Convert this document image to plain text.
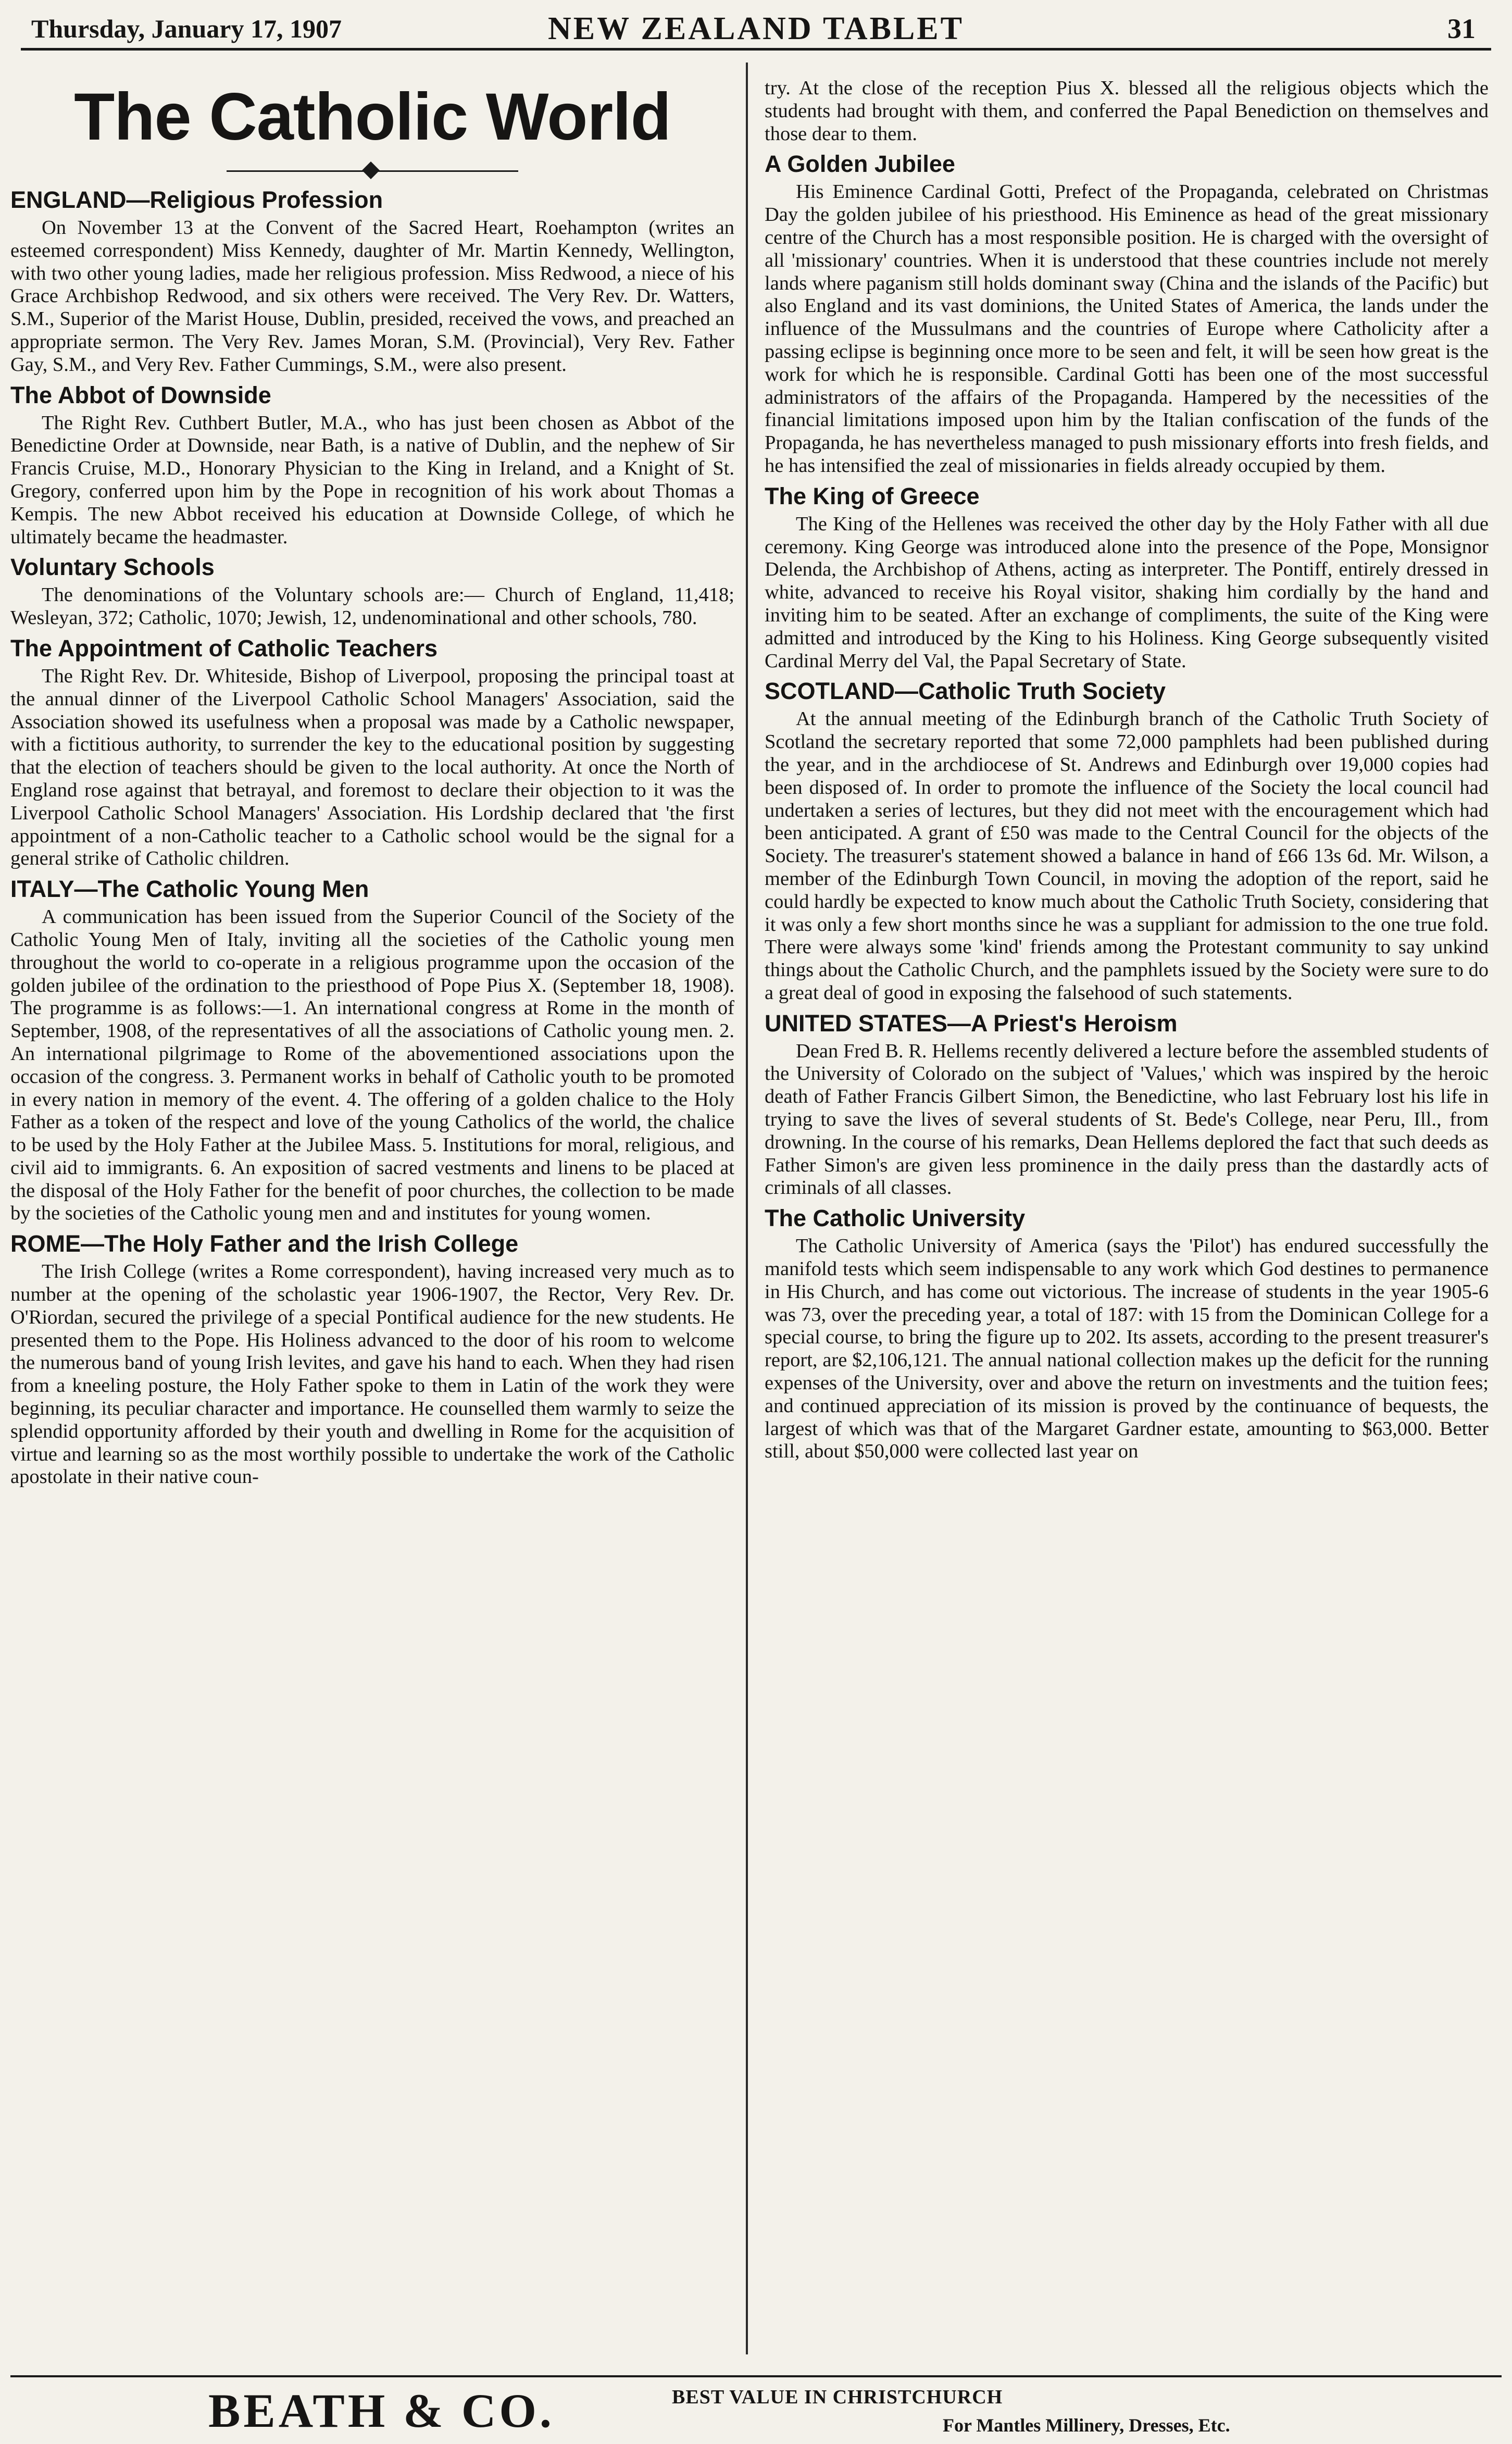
Thursday, January 17, 1907	NEW ZEALAND TABLET	31
The Catholic World
ENGLAND—Religious Profession

On November 13 at the Convent of the Sacred Heart, Roehampton (writes an esteemed correspondent) Miss Kennedy, daughter of Mr. Martin Kennedy, Wellington, with two other young ladies, made her religious profession. Miss Redwood, a niece of his Grace Archbishop Redwood, and six others were received. The Very Rev. Dr. Watters, S.M., Superior of the Marist House, Dublin, presided, received the vows, and preached an appropriate sermon. The Very Rev. James Moran, S.M. (Provincial), Very Rev. Father Gay, S.M., and Very Rev. Father Cummings, S.M., were also present.

The Abbot of Downside

The Right Rev. Cuthbert Butler, M.A., who has just been chosen as Abbot of the Benedictine Order at Downside, near Bath, is a native of Dublin, and the nephew of Sir Francis Cruise, M.D., Honorary Physician to the King in Ireland, and a Knight of St. Gregory, conferred upon him by the Pope in recognition of his work about Thomas a Kempis. The new Abbot received his education at Downside College, of which he ultimately became the headmaster.

Voluntary Schools

The denominations of the Voluntary schools are:— Church of England, 11,418; Wesleyan, 372; Catholic, 1070; Jewish, 12, undenominational and other schools, 780.

The Appointment of Catholic Teachers

The Right Rev. Dr. Whiteside, Bishop of Liverpool, proposing the principal toast at the annual dinner of the Liverpool Catholic School Managers' Association, said the Association showed its usefulness when a proposal was made by a Catholic newspaper, with a fictitious authority, to surrender the key to the educational position by suggesting that the election of teachers should be given to the local authority. At once the North of England rose against that betrayal, and foremost to declare their objection to it was the Liverpool Catholic School Managers' Association. His Lordship declared that 'the first appointment of a non-Catholic teacher to a Catholic school would be the signal for a general strike of Catholic children.

ITALY—The Catholic Young Men

A communication has been issued from the Superior Council of the Society of the Catholic Young Men of Italy, inviting all the societies of the Catholic young men throughout the world to co-operate in a religious programme upon the occasion of the golden jubilee of the ordination to the priesthood of Pope Pius X. (September 18, 1908). The programme is as follows:—1. An international congress at Rome in the month of September, 1908, of the representatives of all the associations of Catholic young men. 2. An international pilgrimage to Rome of the abovementioned associations upon the occasion of the congress. 3. Permanent works in behalf of Catholic youth to be promoted in every nation in memory of the event. 4. The offering of a golden chalice to the Holy Father as a token of the respect and love of the young Catholics of the world, the chalice to be used by the Holy Father at the Jubilee Mass. 5. Institutions for moral, religious, and civil aid to immigrants. 6. An exposition of sacred vestments and linens to be placed at the disposal of the Holy Father for the benefit of poor churches, the collection to be made by the societies of the Catholic young men and and institutes for young women.

ROME—The Holy Father and the Irish College

The Irish College (writes a Rome correspondent), having increased very much as to number at the opening of the scholastic year 1906-1907, the Rector, Very Rev. Dr. O'Riordan, secured the privilege of a special Pontifical audience for the new students. He presented them to the Pope. His Holiness advanced to the door of his room to welcome the numerous band of young Irish levites, and gave his hand to each. When they had risen from a kneeling posture, the Holy Father spoke to them in Latin of the work they were beginning, its peculiar character and importance. He counselled them warmly to seize the splendid opportunity afforded by their youth and dwelling in Rome for the acquisition of virtue and learning so as the most worthily possible to undertake the work of the Catholic apostolate in their native coun-

try. At the close of the reception Pius X. blessed all the religious objects which the students had brought with them, and conferred the Papal Benediction on themselves and those dear to them.

A Golden Jubilee

His Eminence Cardinal Gotti, Prefect of the Propaganda, celebrated on Christmas Day the golden jubilee of his priesthood. His Eminence as head of the great missionary centre of the Church has a most responsible position. He is charged with the oversight of all 'missionary' countries. When it is understood that these countries include not merely lands where paganism still holds dominant sway (China and the islands of the Pacific) but also England and its vast dominions, the United States of America, the lands under the influence of the Mussulmans and the countries of Europe where Catholicity after a passing eclipse is beginning once more to be seen and felt, it will be seen how great is the work for which he is responsible. Cardinal Gotti has been one of the most successful administrators of the affairs of the Propaganda. Hampered by the necessities of the financial limitations imposed upon him by the Italian confiscation of the funds of the Propaganda, he has nevertheless managed to push missionary efforts into fresh fields, and he has intensified the zeal of missionaries in fields already occupied by them.

The King of Greece

The King of the Hellenes was received the other day by the Holy Father with all due ceremony. King George was introduced alone into the presence of the Pope, Monsignor Delenda, the Archbishop of Athens, acting as interpreter. The Pontiff, entirely dressed in white, advanced to receive his Royal visitor, shaking him cordially by the hand and inviting him to be seated. After an exchange of compliments, the suite of the King were admitted and introduced by the King to his Holiness. King George subsequently visited Cardinal Merry del Val, the Papal Secretary of State.

SCOTLAND—Catholic Truth Society

At the annual meeting of the Edinburgh branch of the Catholic Truth Society of Scotland the secretary reported that some 72,000 pamphlets had been published during the year, and in the archdiocese of St. Andrews and Edinburgh over 19,000 copies had been disposed of. In order to promote the influence of the Society the local council had undertaken a series of lectures, but they did not meet with the encouragement which had been anticipated. A grant of £50 was made to the Central Council for the objects of the Society. The treasurer's statement showed a balance in hand of £66 13s 6d. Mr. Wilson, a member of the Edinburgh Town Council, in moving the adoption of the report, said he could hardly be expected to know much about the Catholic Truth Society, considering that it was only a few short months since he was a suppliant for admission to the one true fold. There were always some 'kind' friends among the Protestant community to say unkind things about the Catholic Church, and the pamphlets issued by the Society were sure to do a great deal of good in exposing the falsehood of such statements.

UNITED STATES—A Priest's Heroism

Dean Fred B. R. Hellems recently delivered a lecture before the assembled students of the University of Colorado on the subject of 'Values,' which was inspired by the heroic death of Father Francis Gilbert Simon, the Benedictine, who last February lost his life in trying to save the lives of several students of St. Bede's College, near Peru, Ill., from drowning. In the course of his remarks, Dean Hellems deplored the fact that such deeds as Father Simon's are given less prominence in the daily press than the dastardly acts of criminals of all classes.

The Catholic University

The Catholic University of America (says the 'Pilot') has endured successfully the manifold tests which seem indispensable to any work which God destines to permanence in His Church, and has come out victorious. The increase of students in the year 1905-6 was 73, over the preceding year, a total of 187: with 15 from the Dominican College for a special course, to bring the figure up to 202. Its assets, according to the present treasurer's report, are $2,106,121. The annual national collection makes up the deficit for the running expenses of the University, over and above the return on investments and the tuition fees; and continued appreciation of its mission is proved by the continuance of bequests, the largest of which was that of the Margaret Gardner estate, amounting to $63,000. Better still, about $50,000 were collected last year on

BEATH & CO.	BEST VALUE IN CHRISTCHURCH
For Mantles Millinery, Dresses, Etc.
